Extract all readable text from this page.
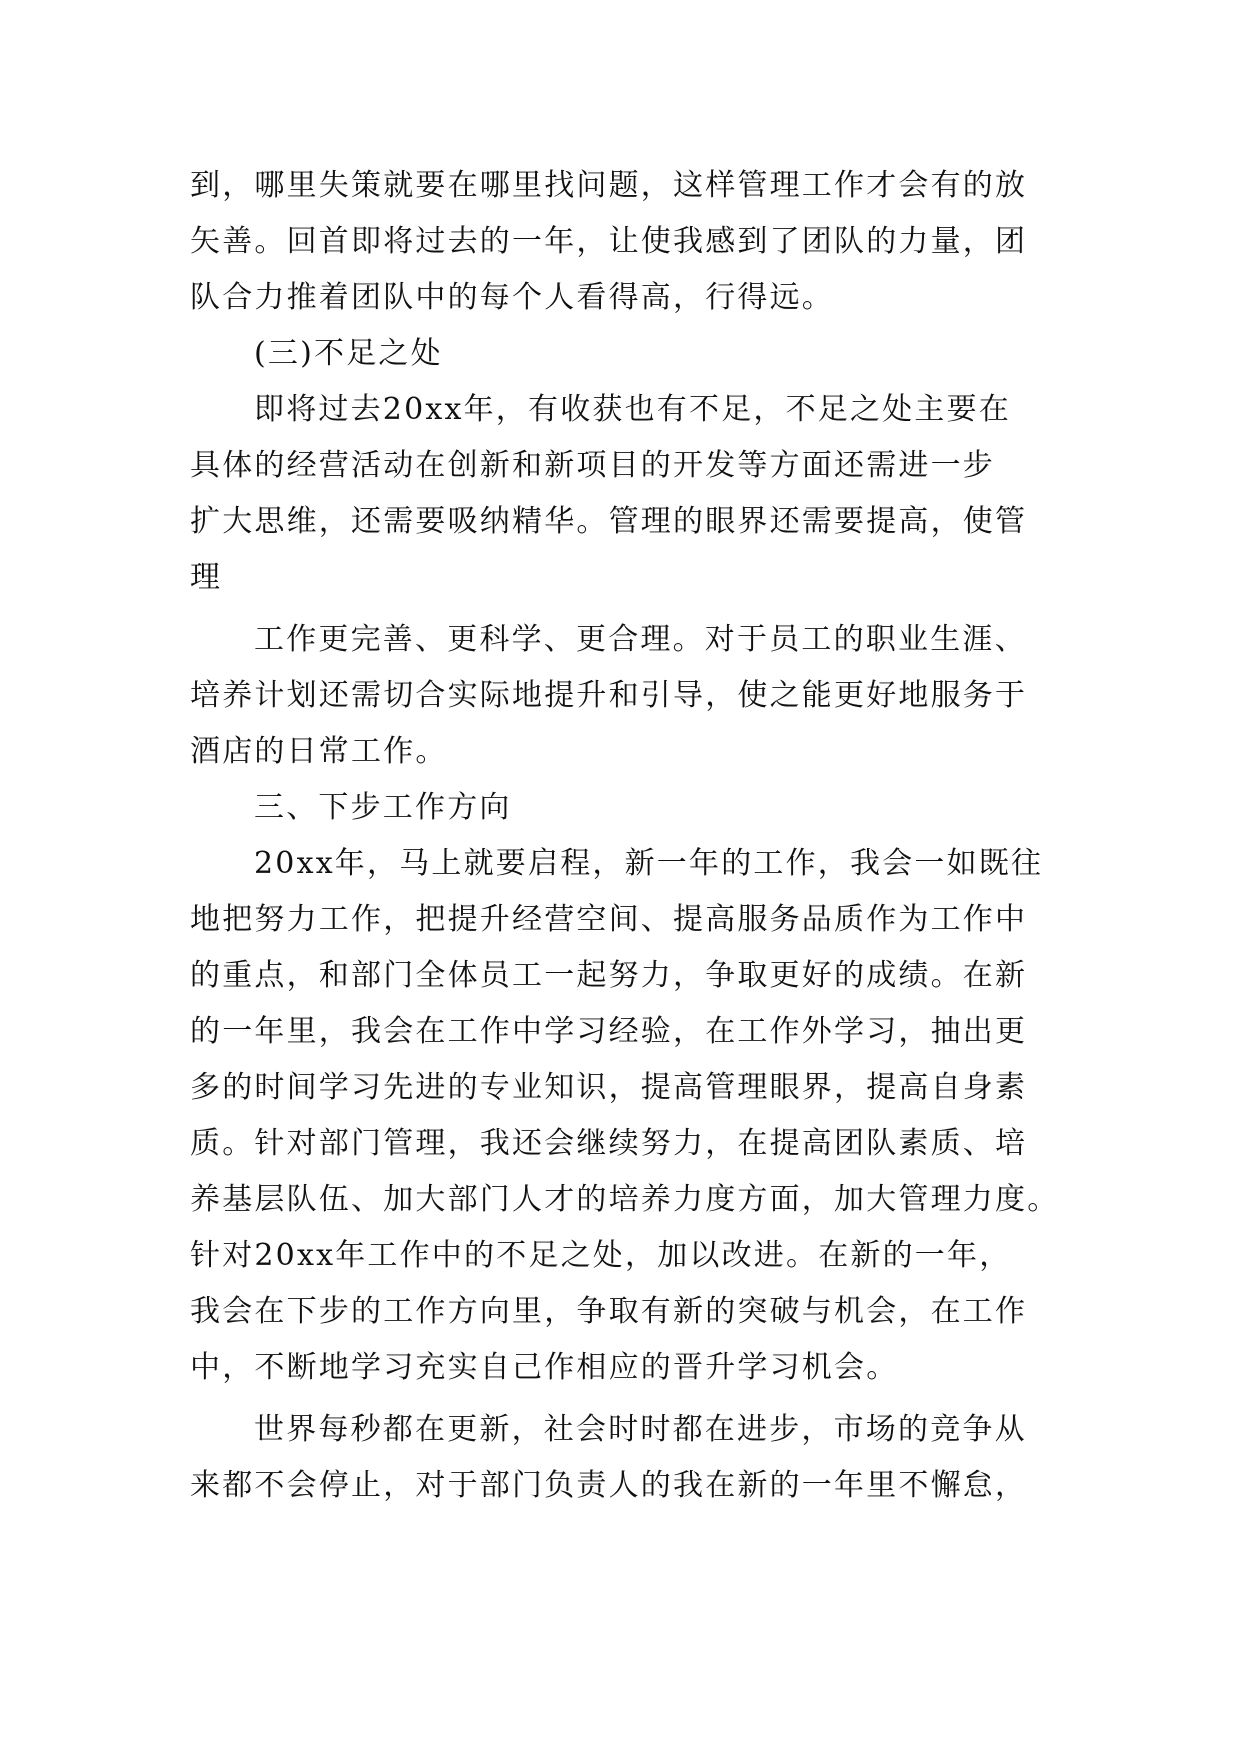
到，哪里失策就要在哪里找问题，这样管理工作才会有的放
矢善。回首即将过去的一年，让使我感到了团队的力量，团
队合力推着团队中的每个人看得高，行得远。
(三)不足之处
即将过去20xx年，有收获也有不足，不足之处主要在
具体的经营活动在创新和新项目的开发等方面还需进一步
扩大思维，还需要吸纳精华。管理的眼界还需要提高，使管
理
工作更完善、更科学、更合理。对于员工的职业生涯、
培养计划还需切合实际地提升和引导，使之能更好地服务于
酒店的日常工作。
三、下步工作方向
20xx年，马上就要启程，新一年的工作，我会一如既往
地把努力工作，把提升经营空间、提高服务品质作为工作中
的重点，和部门全体员工一起努力，争取更好的成绩。在新
的一年里，我会在工作中学习经验，在工作外学习，抽出更
多的时间学习先进的专业知识，提高管理眼界，提高自身素
质。针对部门管理，我还会继续努力，在提高团队素质、培
养基层队伍、加大部门人才的培养力度方面，加大管理力度。
针对20xx年工作中的不足之处，加以改进。在新的一年，
我会在下步的工作方向里，争取有新的突破与机会，在工作
中，不断地学习充实自己作相应的晋升学习机会。
世界每秒都在更新，社会时时都在进步，市场的竞争从
来都不会停止，对于部门负责人的我在新的一年里不懈怠，
